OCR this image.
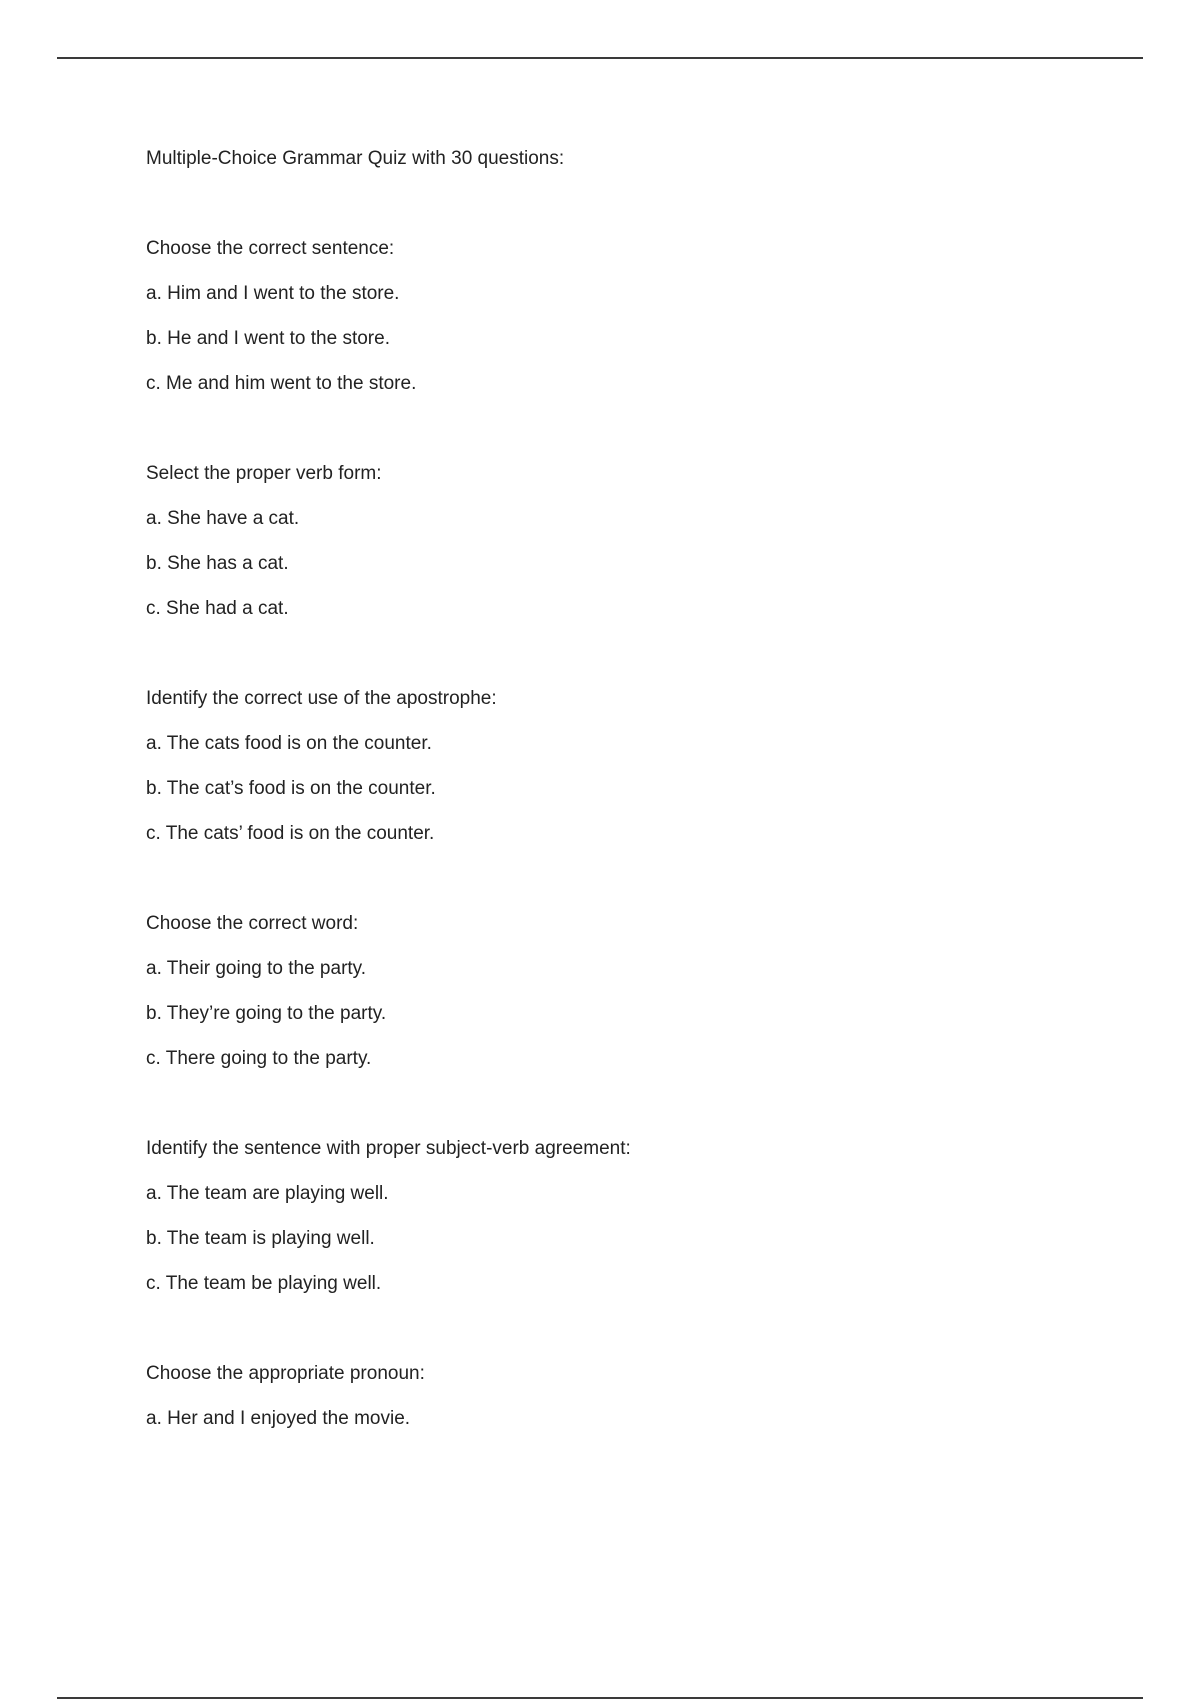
Multiple-Choice Grammar Quiz with 30 questions:

Choose the correct sentence:

a. Him and I went to the store.

b. He and I went to the store.

c. Me and him went to the store.

Select the proper verb form:

a. She have a cat.

b. She has a cat.

c. She had a cat.

Identify the correct use of the apostrophe:

a. The cats food is on the counter.

b. The cat’s food is on the counter.

c. The cats’ food is on the counter.

Choose the correct word:

a. Their going to the party.

b. They’re going to the party.

c. There going to the party.

Identify the sentence with proper subject-verb agreement:

a. The team are playing well.

b. The team is playing well.

c. The team be playing well.

Choose the appropriate pronoun:

a. Her and I enjoyed the movie.
